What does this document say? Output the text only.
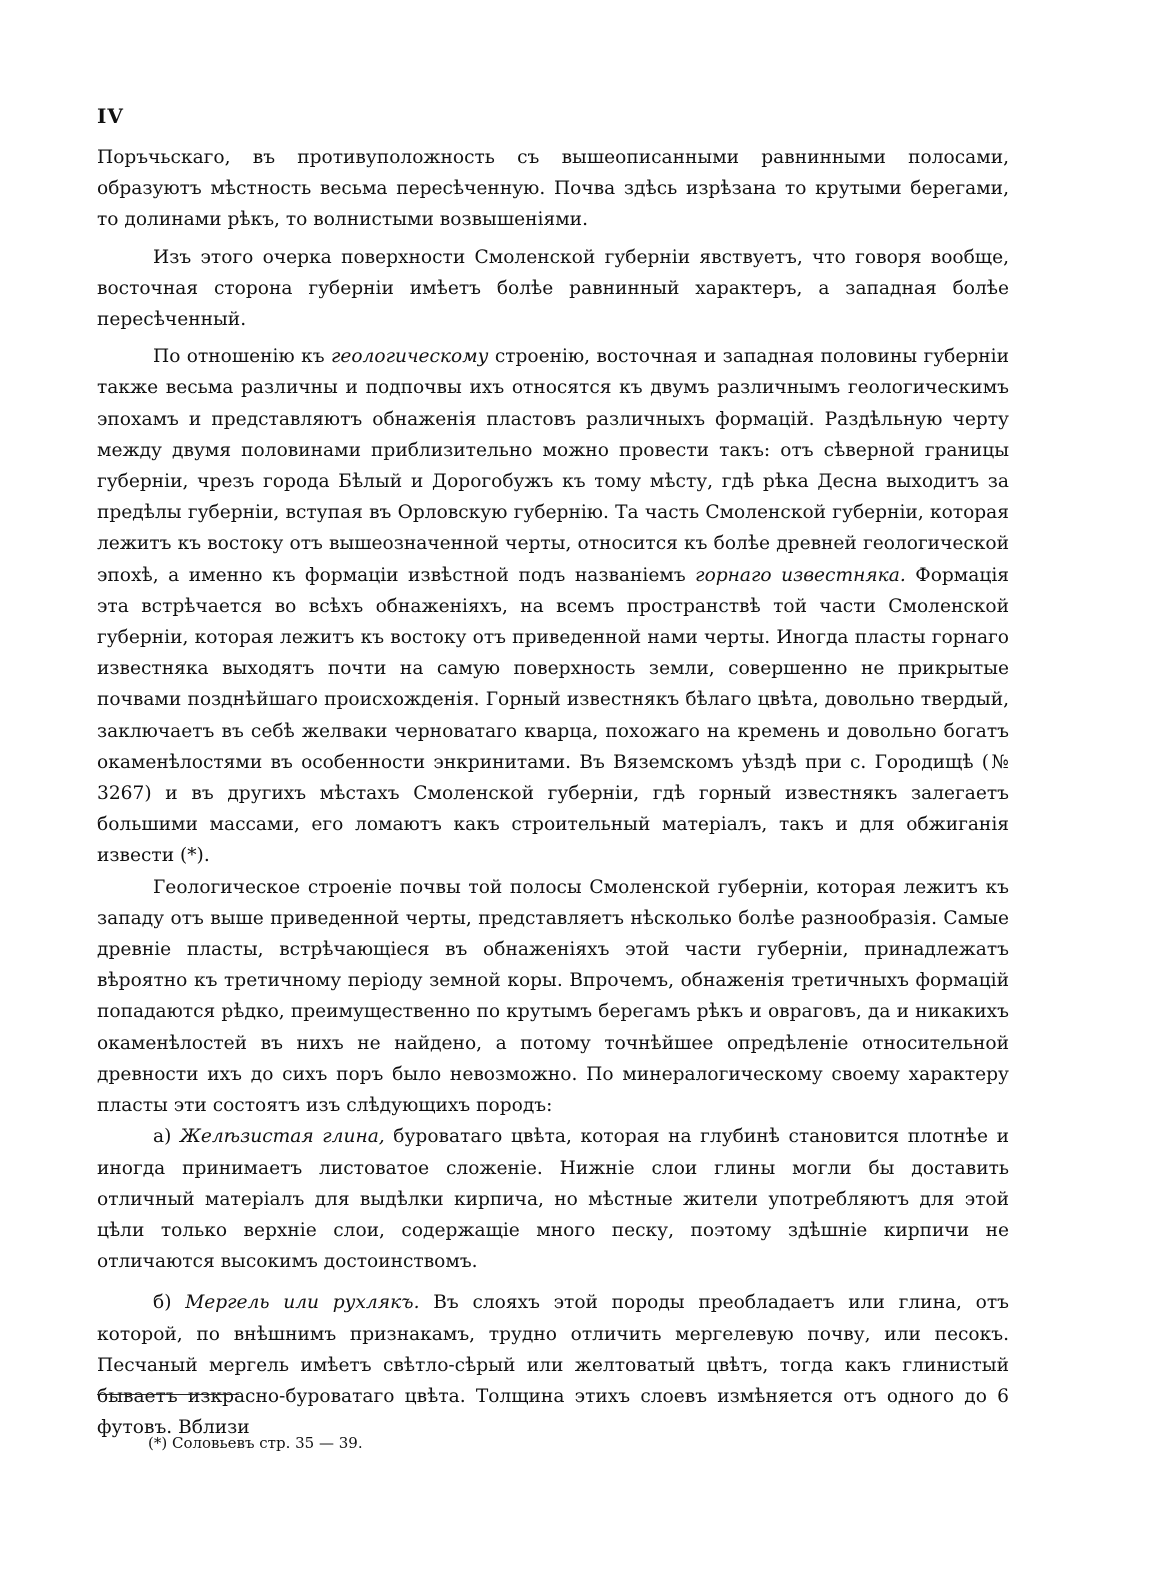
IV

Поръчьскаго, въ противуположность съ вышеописанными равнинными полосами, образуютъ мѣстность весьма пересѣченную. Почва здѣсь изрѣзана то крутыми берегами, то долинами рѣкъ, то волнистыми возвышеніями.

Изъ этого очерка поверхности Смоленской губерніи явствуетъ, что говоря вообще, восточная сторона губерніи имѣетъ болѣе равнинный характеръ, а западная болѣе пересѣченный.

По отношенію къ геологическому строенію, восточная и западная половины губерніи также весьма различны и подпочвы ихъ относятся къ двумъ различнымъ геологическимъ эпохамъ и представляютъ обнаженія пластовъ различныхъ формацій. Раздѣльную черту между двумя половинами приблизительно можно провести такъ: отъ сѣверной границы губерніи, чрезъ города Бѣлый и Дорогобужъ къ тому мѣсту, гдѣ рѣка Десна выходитъ за предѣлы губерніи, вступая въ Орловскую губернію. Та часть Смоленской губерніи, которая лежитъ къ востоку отъ вышеозначенной черты, относится къ болѣе древней геологической эпохѣ, а именно къ формаціи извѣстной подъ названіемъ горнаго известняка. Формація эта встрѣчается во всѣхъ обнаженіяхъ, на всемъ пространствѣ той части Смоленской губерніи, которая лежитъ къ востоку отъ приведенной нами черты. Иногда пласты горнаго известняка выходятъ почти на самую поверхность земли, совершенно не прикрытые почвами позднѣйшаго происхожденія. Горный известнякъ бѣлаго цвѣта, довольно твердый, заключаетъ въ себѣ желваки черноватаго кварца, похожаго на кремень и довольно богатъ окаменѣлостями въ особенности энкринитами. Въ Вяземскомъ уѣздѣ при с. Городищѣ (№ 3267) и въ другихъ мѣстахъ Смоленской губерніи, гдѣ горный известнякъ залегаетъ большими массами, его ломаютъ какъ строительный матеріалъ, такъ и для обжиганія извести (*).

Геологическое строеніе почвы той полосы Смоленской губерніи, которая лежитъ къ западу отъ выше приведенной черты, представляетъ нѣсколько болѣе разнообразія. Самые древніе пласты, встрѣчающіеся въ обнаженіяхъ этой части губерніи, принадлежатъ вѣроятно къ третичному періоду земной коры. Впрочемъ, обнаженія третичныхъ формацій попадаются рѣдко, преимущественно по крутымъ берегамъ рѣкъ и овраговъ, да и никакихъ окаменѣлостей въ нихъ не найдено, а потому точнѣйшее опредѣленіе относительной древности ихъ до сихъ поръ было невозможно. По минералогическому своему характеру пласты эти состоятъ изъ слѣдующихъ породъ:

а) Желѣзистая глина, буроватаго цвѣта, которая на глубинѣ становится плотнѣе и иногда принимаетъ листоватое сложеніе. Нижніе слои глины могли бы доставить отличный матеріалъ для выдѣлки кирпича, но мѣстные жители употребляютъ для этой цѣли только верхніе слои, содержащіе много песку, поэтому здѣшніе кирпичи не отличаются высокимъ достоинствомъ.

б) Мергель или рухлякъ. Въ слояхъ этой породы преобладаетъ или глина, отъ которой, по внѣшнимъ признакамъ, трудно отличить мергелевую почву, или песокъ. Песчаный мергель имѣетъ свѣтло-сѣрый или желтоватый цвѣтъ, тогда какъ глинистый бываетъ изкрасно-буроватаго цвѣта. Толщина этихъ слоевъ измѣняется отъ одного до 6 футовъ. Вблизи

(*) Соловьевъ стр. 35 — 39.
